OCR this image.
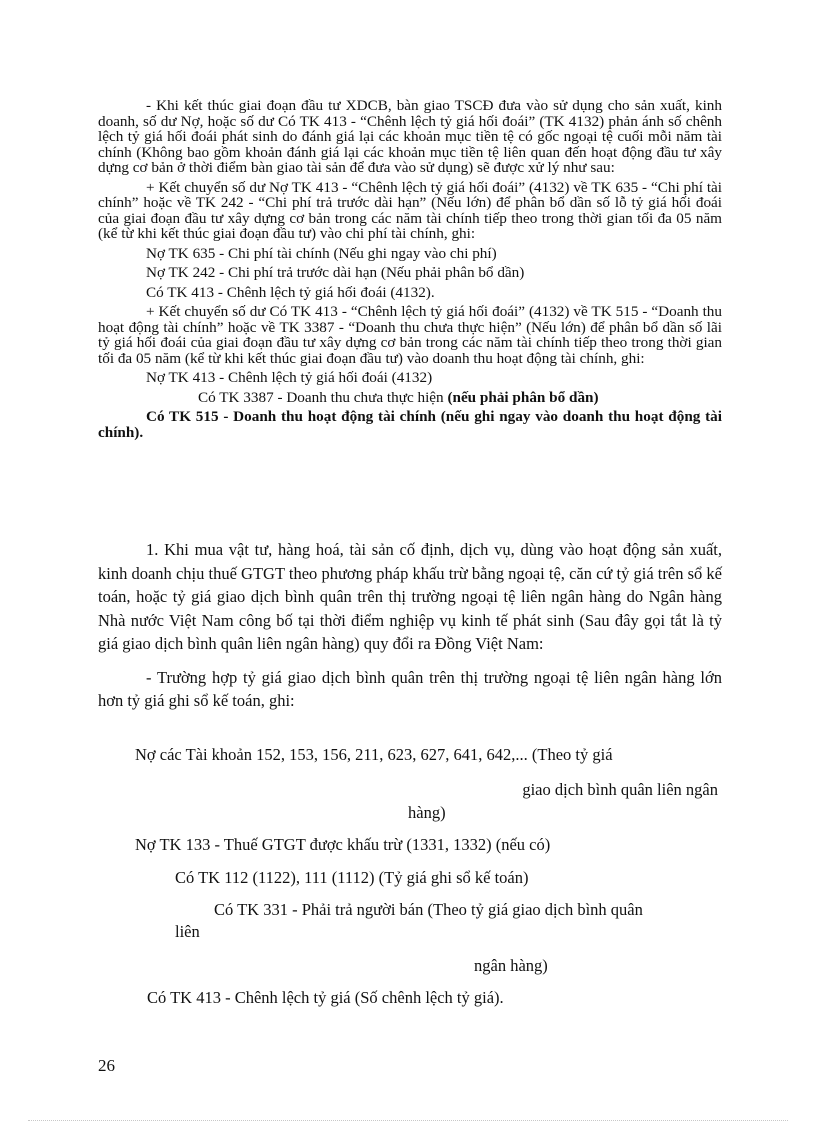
- Khi kết thúc giai đoạn đầu tư XDCB, bàn giao TSCĐ đưa vào sử dụng cho sản xuất, kinh doanh, số dư Nợ, hoặc số dư Có TK 413 - “Chênh lệch tỷ giá hối đoái” (TK 4132) phản ánh số chênh lệch tỷ giá hối đoái phát sinh do đánh giá lại các khoản mục tiền tệ có gốc ngoại tệ cuối mỗi năm tài chính (Không bao gồm khoản đánh giá lại các khoản mục tiền tệ liên quan đến hoạt động đầu tư xây dựng cơ bản ở thời điểm bàn giao tài sản để đưa vào sử dụng) sẽ được xử lý như sau:

+ Kết chuyển số dư Nợ TK 413 - “Chênh lệch tỷ giá hối đoái” (4132) về TK 635 - “Chi phí tài chính” hoặc về TK 242 - “Chi phí trả trước dài hạn” (Nếu lớn) để phân bổ dần số lỗ tỷ giá hối đoái của giai đoạn đầu tư xây dựng cơ bản trong các năm tài chính tiếp theo trong thời gian tối đa 05 năm (kể từ khi kết thúc giai đoạn đầu tư) vào chi phí tài chính, ghi:

Nợ TK 635 - Chi phí tài chính (Nếu ghi ngay vào chi phí)

Nợ TK 242 - Chi phí trả trước dài hạn (Nếu phải phân bổ dần)

Có TK 413 - Chênh lệch tỷ giá hối đoái (4132).

+ Kết chuyển số dư Có TK 413 - “Chênh lệch tỷ giá hối đoái” (4132) về TK 515 - “Doanh thu hoạt động tài chính” hoặc về TK 3387 - “Doanh thu chưa thực hiện” (Nếu lớn) để phân bổ dần số lãi tỷ giá hối đoái của giai đoạn đầu tư xây dựng cơ bản trong các năm tài chính tiếp theo trong thời gian tối đa 05 năm (kể từ khi kết thúc giai đoạn đầu tư) vào doanh thu hoạt động tài chính, ghi:

Nợ TK 413 - Chênh lệch tỷ giá hối đoái (4132)

Có TK 3387 - Doanh thu chưa thực hiện (nếu phải phân bổ dần)

Có TK 515 - Doanh thu hoạt động tài chính (nếu ghi ngay vào doanh thu hoạt động tài chính).

1. Khi mua vật tư, hàng hoá, tài sản cố định, dịch vụ, dùng vào hoạt động sản xuất, kinh doanh chịu thuế GTGT theo phương pháp khấu trừ bằng ngoại tệ, căn cứ tỷ giá trên sổ kế toán, hoặc tỷ giá giao dịch bình quân trên thị trường ngoại tệ liên ngân hàng do Ngân hàng Nhà nước Việt Nam công bố tại thời điểm nghiệp vụ kinh tế phát sinh (Sau đây gọi tắt là tỷ giá giao dịch bình quân liên ngân hàng) quy đổi ra Đồng Việt Nam:

- Trường hợp tỷ giá giao dịch bình quân trên thị trường ngoại tệ liên ngân hàng lớn hơn tỷ giá ghi sổ kế toán, ghi:

Nợ các Tài khoản 152, 153, 156, 211, 623, 627, 641, 642,... (Theo tỷ giá
giao dịch bình quân liên ngân
hàng)
Nợ TK 133 - Thuế GTGT được khấu trừ (1331, 1332) (nếu có)
Có TK 112 (1122), 111 (1112) (Tỷ giá ghi sổ kế toán)
Có TK 331 - Phải trả người bán (Theo tỷ giá giao dịch bình quân
liên
ngân hàng)
Có TK 413 - Chênh lệch tỷ giá (Số chênh lệch tỷ giá).
26
